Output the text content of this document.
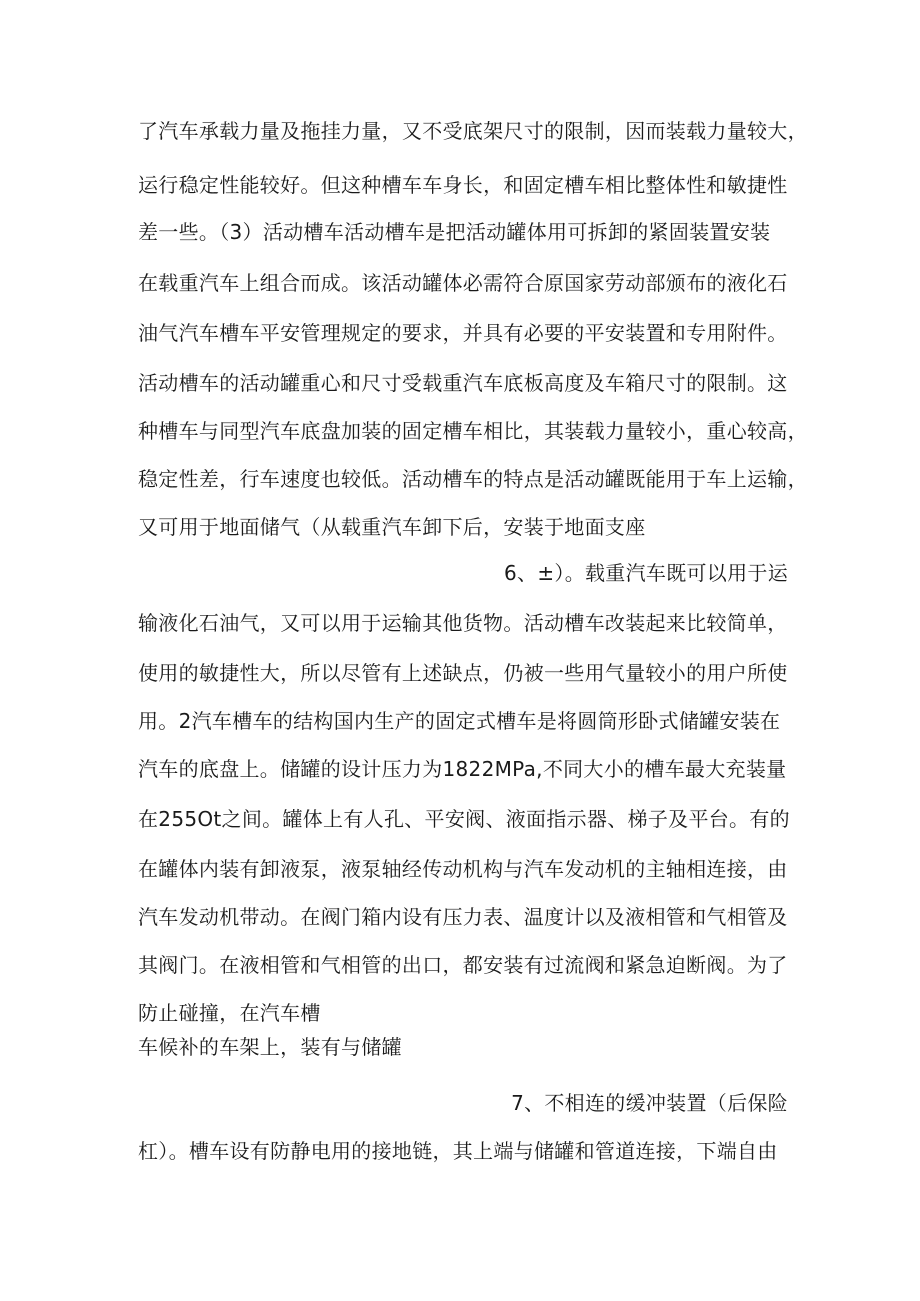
了汽车承载力量及拖挂力量，又不受底架尺寸的限制，因而装载力量较大，
运行稳定性能较好。但这种槽车车身长，和固定槽车相比整体性和敏捷性
差一些。（3）活动槽车活动槽车是把活动罐体用可拆卸的紧固装置安装
在载重汽车上组合而成。该活动罐体必需符合原国家劳动部颁布的液化石
油气汽车槽车平安管理规定的要求，并具有必要的平安装置和专用附件。
活动槽车的活动罐重心和尺寸受载重汽车底板高度及车箱尺寸的限制。这
种槽车与同型汽车底盘加装的固定槽车相比，其装载力量较小，重心较高，
稳定性差，行车速度也较低。活动槽车的特点是活动罐既能用于车上运输，
又可用于地面储气（从载重汽车卸下后，安装于地面支座
6、±）。载重汽车既可以用于运
输液化石油气，又可以用于运输其他货物。活动槽车改装起来比较简单，
使用的敏捷性大，所以尽管有上述缺点，仍被一些用气量较小的用户所使
用。2汽车槽车的结构国内生产的固定式槽车是将圆筒形卧式储罐安装在
汽车的底盘上。储罐的设计压力为1822MPa,不同大小的槽车最大充装量
在255Ot之间。罐体上有人孔、平安阀、液面指示器、梯子及平台。有的
在罐体内装有卸液泵，液泵轴经传动机构与汽车发动机的主轴相连接，由
汽车发动机带动。在阀门箱内设有压力表、温度计以及液相管和气相管及
其阀门。在液相管和气相管的出口，都安装有过流阀和紧急迫断阀。为了
防止碰撞，在汽车槽
车候补的车架上，装有与储罐
7、不相连的缓冲装置（后保险
杠）。槽车设有防静电用的接地链，其上端与储罐和管道连接，下端自由
